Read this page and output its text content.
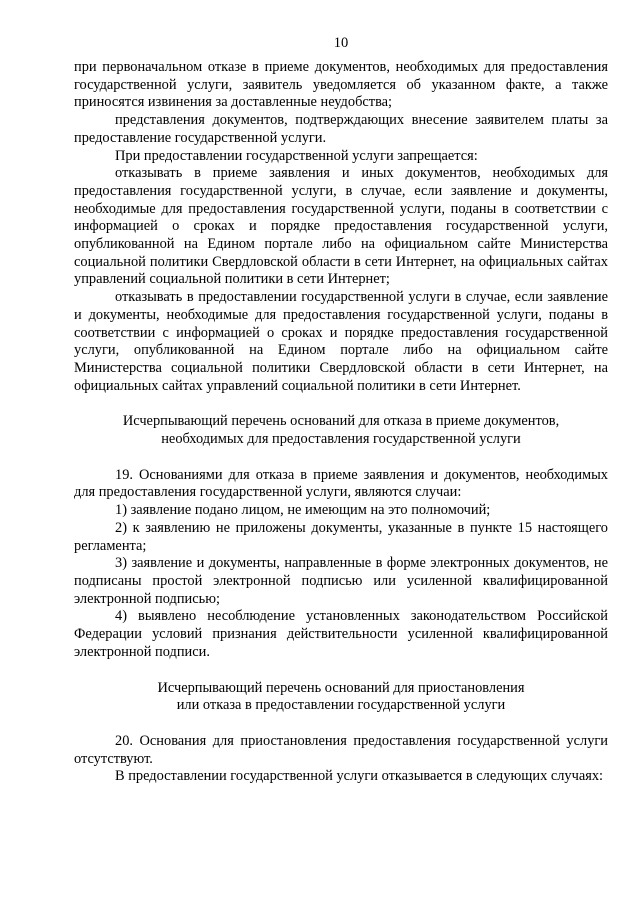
10

при первоначальном отказе в приеме документов, необходимых для предоставления государственной услуги, заявитель уведомляется об указанном факте, а также приносятся извинения за доставленные неудобства;

представления документов, подтверждающих внесение заявителем платы за предоставление государственной услуги.

При предоставлении государственной услуги запрещается:

отказывать в приеме заявления и иных документов, необходимых для предоставления государственной услуги, в случае, если заявление и документы, необходимые для предоставления государственной услуги, поданы в соответствии с информацией о сроках и порядке предоставления государственной услуги, опубликованной на Едином портале либо на официальном сайте Министерства социальной политики Свердловской области в сети Интернет, на официальных сайтах управлений социальной политики в сети Интернет;

отказывать в предоставлении государственной услуги в случае, если заявление и документы, необходимые для предоставления государственной услуги, поданы в соответствии с информацией о сроках и порядке предоставления государственной услуги, опубликованной на Едином портале либо на официальном сайте Министерства социальной политики Свердловской области в сети Интернет, на официальных сайтах управлений социальной политики в сети Интернет.

Исчерпывающий перечень оснований для отказа в приеме документов,
необходимых для предоставления государственной услуги

19. Основаниями для отказа в приеме заявления и документов, необходимых для предоставления государственной услуги, являются случаи:

1) заявление подано лицом, не имеющим на это полномочий;

2) к заявлению не приложены документы, указанные в пункте 15 настоящего регламента;

3) заявление и документы, направленные в форме электронных документов, не подписаны простой электронной подписью или усиленной квалифицированной электронной подписью;

4) выявлено несоблюдение установленных законодательством Российской Федерации условий признания действительности усиленной квалифицированной электронной подписи.

Исчерпывающий перечень оснований для приостановления
или отказа в предоставлении государственной услуги

20. Основания для приостановления предоставления государственной услуги отсутствуют.

В предоставлении государственной услуги отказывается в следующих случаях:
